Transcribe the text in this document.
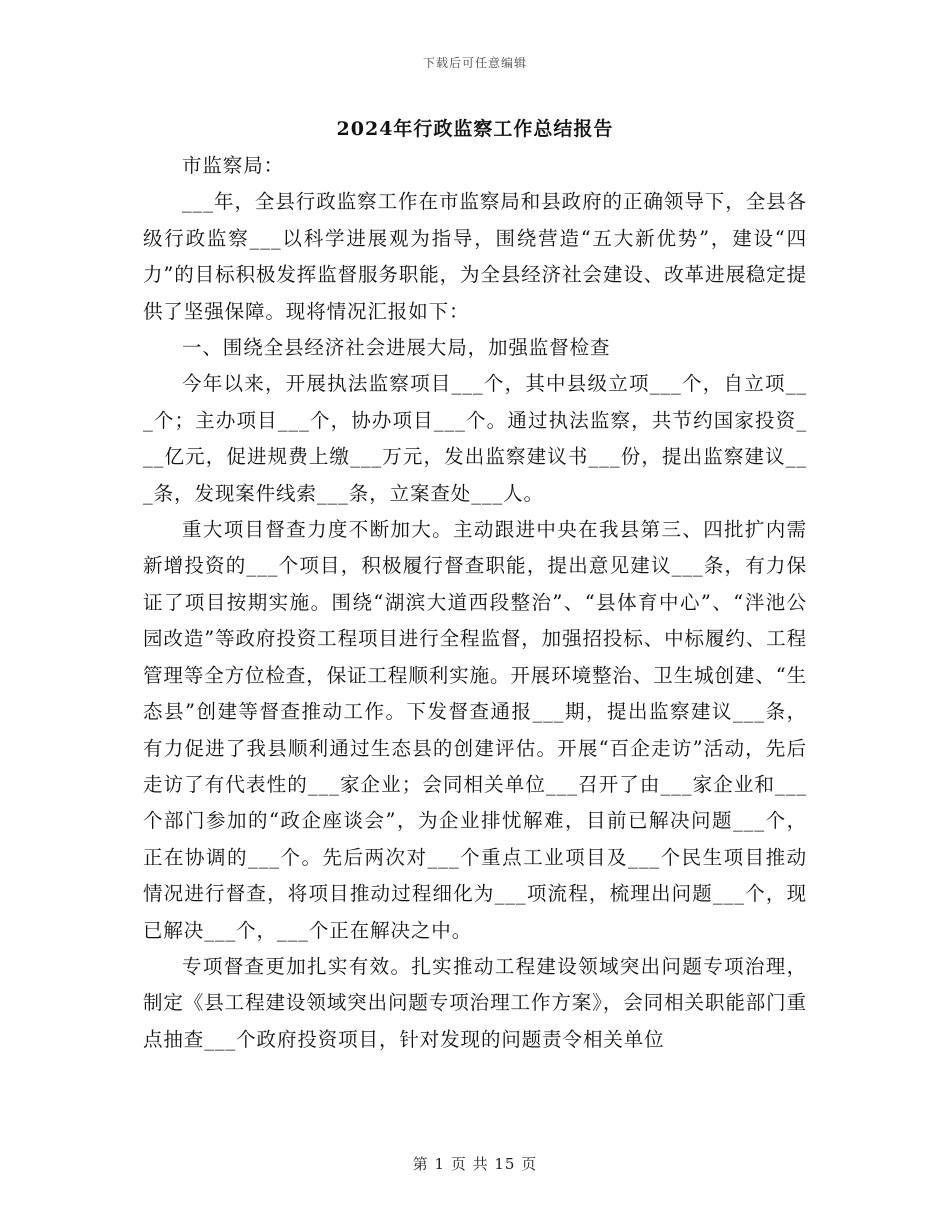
下载后可任意编辑
2024年行政监察工作总结报告

市监察局：

___年，全县行政监察工作在市监察局和县政府的正确领导下，全县各级行政监察___以科学进展观为指导，围绕营造“五大新优势”，建设“四力”的目标积极发挥监督服务职能，为全县经济社会建设、改革进展稳定提供了坚强保障。现将情况汇报如下：

一、围绕全县经济社会进展大局，加强监督检查

今年以来，开展执法监察项目___个，其中县级立项___个，自立项___个；主办项目___个，协办项目___个。通过执法监察，共节约国家投资___亿元，促进规费上缴___万元，发出监察建议书___份，提出监察建议___条，发现案件线索___条，立案查处___人。

重大项目督查力度不断加大。主动跟进中央在我县第三、四批扩内需新增投资的___个项目，积极履行督查职能，提出意见建议___条，有力保证了项目按期实施。围绕“湖滨大道西段整治”、“县体育中心”、“泮池公园改造”等政府投资工程项目进行全程监督，加强招投标、中标履约、工程管理等全方位检查，保证工程顺利实施。开展环境整治、卫生城创建、“生态县”创建等督查推动工作。下发督查通报___期，提出监察建议___条，有力促进了我县顺利通过生态县的创建评估。开展“百企走访”活动，先后走访了有代表性的___家企业；会同相关单位___召开了由___家企业和___个部门参加的“政企座谈会”，为企业排忧解难，目前已解决问题___个，正在协调的___个。先后两次对___个重点工业项目及___个民生项目推动情况进行督查，将项目推动过程细化为___项流程，梳理出问题___个，现已解决___个，___个正在解决之中。

专项督查更加扎实有效。扎实推动工程建设领域突出问题专项治理，制定《县工程建设领域突出问题专项治理工作方案》，会同相关职能部门重点抽查___个政府投资项目，针对发现的问题责令相关单位

第 1 页 共 15 页
